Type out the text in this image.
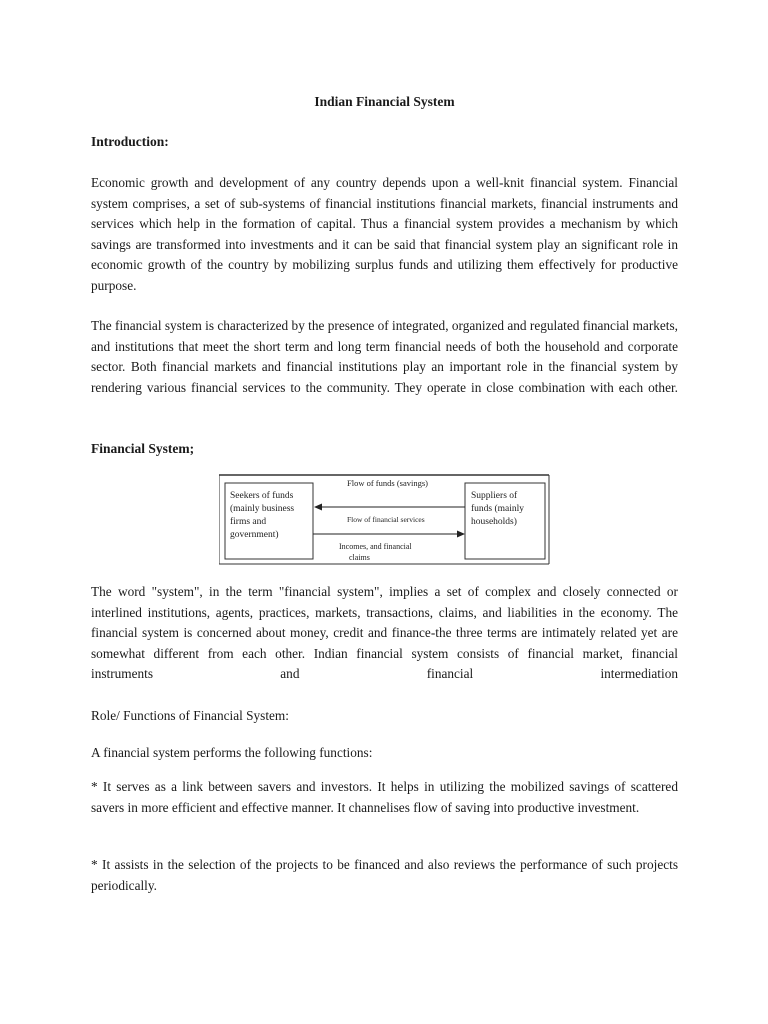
Indian Financial System
Introduction:
Economic growth and development of any country depends upon a well-knit financial system. Financial system comprises, a set of sub-systems of financial institutions financial markets, financial instruments and services which help in the formation of capital. Thus a financial system provides a mechanism by which savings are transformed into investments and it can be said that financial system play an significant role in economic growth of the country by mobilizing surplus funds and utilizing them effectively for productive purpose.
The financial system is characterized by the presence of integrated, organized and regulated financial markets, and institutions that meet the short term and long term financial needs of both the household and corporate sector. Both financial markets and financial institutions play an important role in the financial system by rendering various financial services to the community. They operate in close combination with each other.
Financial System;
Seekers of funds
(mainly business
firms and
government)
Suppliers of
funds (mainly
households)
Flow of funds (savings)
Flow of financial services
Incomes, and financial
claims
The word "system", in the term "financial system", implies a set of complex and closely connected or interlined institutions, agents, practices, markets, transactions, claims, and liabilities in the economy. The financial system is concerned about money, credit and finance-the three terms are intimately related yet are somewhat different from each other. Indian financial system consists of financial market, financial instruments and financial intermediation
Role/ Functions of Financial System:
A financial system performs the following functions:
* It serves as a link between savers and investors. It helps in utilizing the mobilized savings of scattered savers in more efficient and effective manner. It channelises flow of saving into productive investment.
* It assists in the selection of the projects to be financed and also reviews the performance of such projects periodically.
